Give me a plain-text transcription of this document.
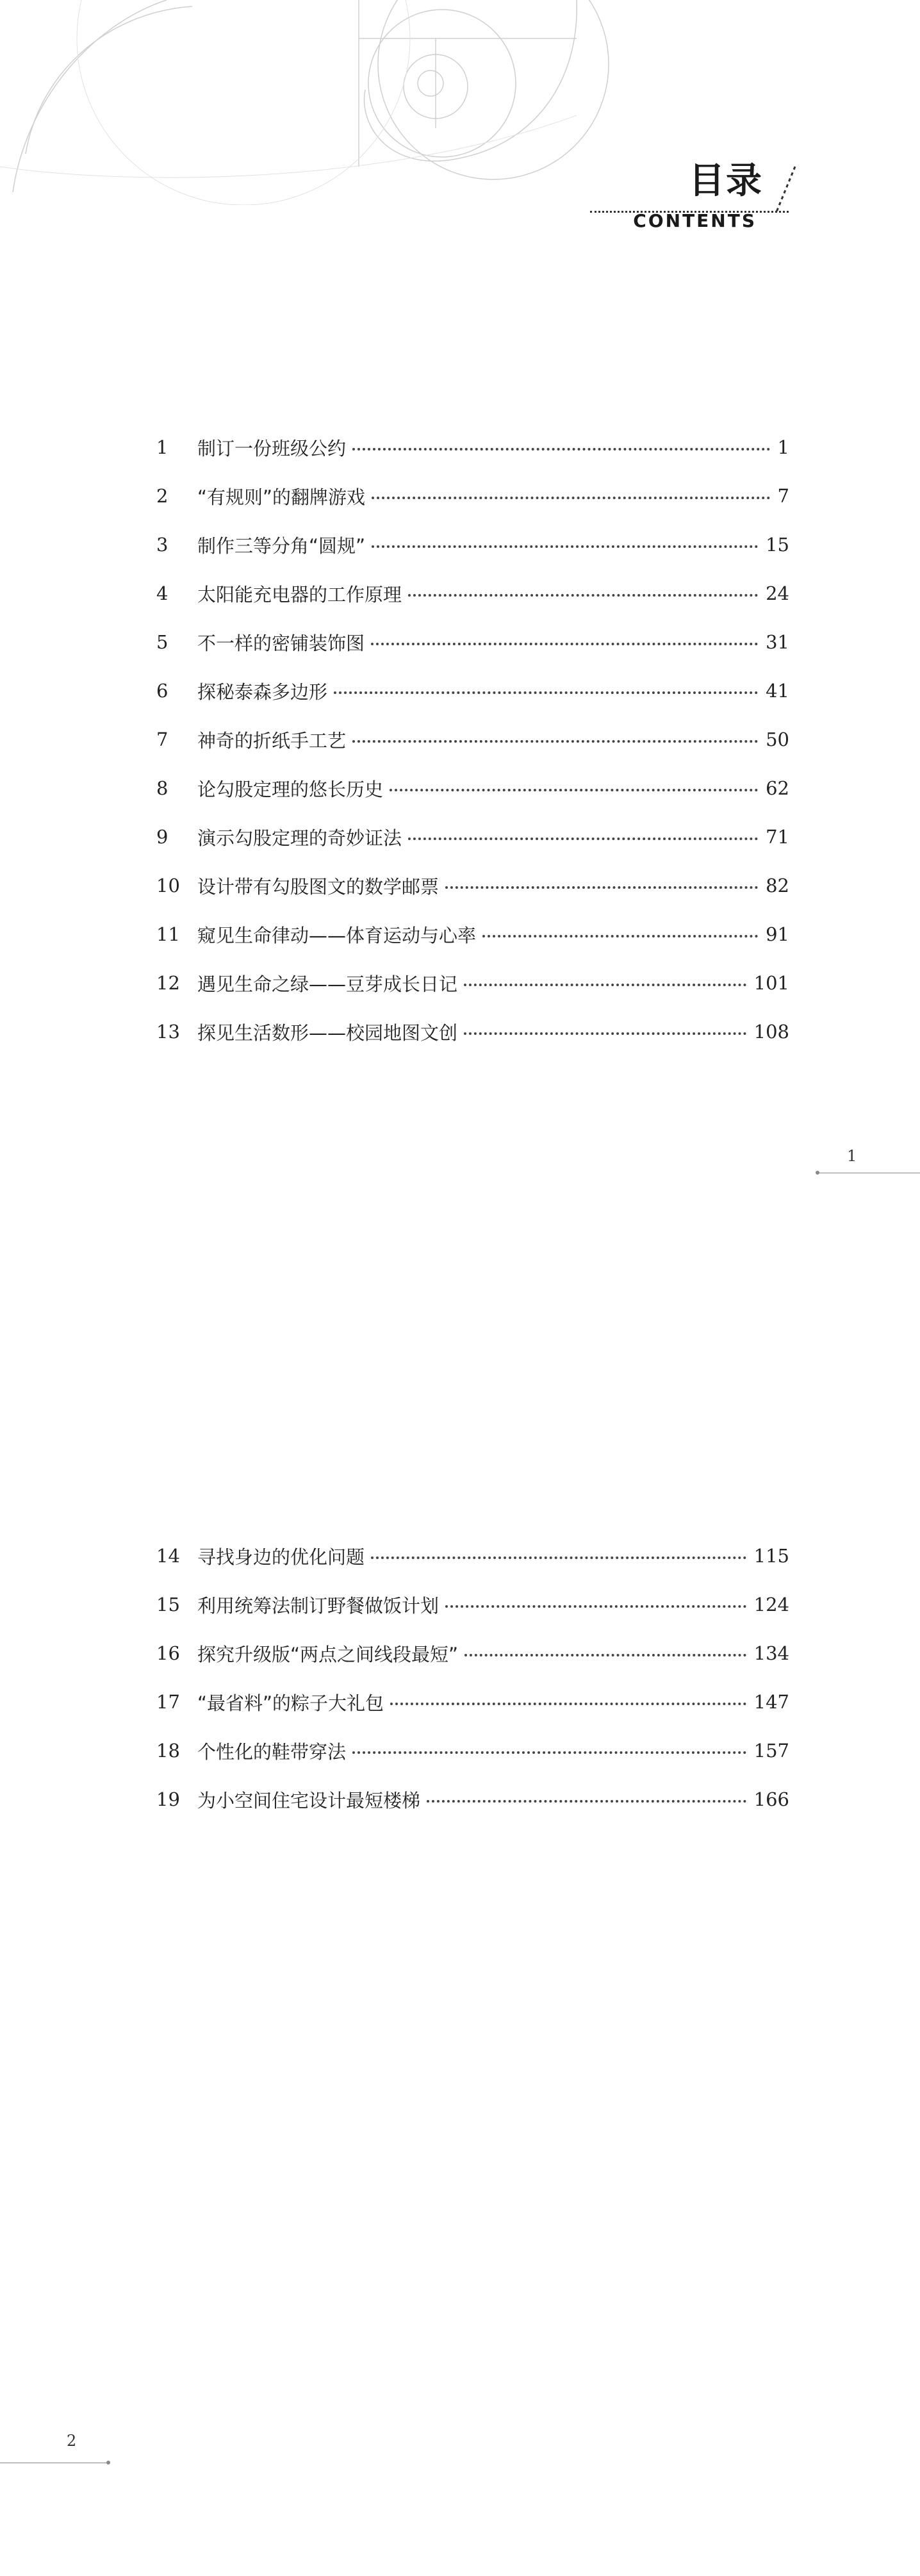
目录
CONTENTS
1	制订一份班级公约	1
2	“有规则”的翻牌游戏	7
3	制作三等分角“圆规”	15
4	太阳能充电器的工作原理	24
5	不一样的密铺装饰图	31
6	探秘泰森多边形	41
7	神奇的折纸手工艺	50
8	论勾股定理的悠长历史	62
9	演示勾股定理的奇妙证法	71
10 设计带有勾股图文的数学邮票	82
11 窥见生命律动——体育运动与心率	91
12 遇见生命之绿——豆芽成长日记	101
13 探见生活数形——校园地图文创	108
1
14 寻找身边的优化问题	115
15 利用统筹法制订野餐做饭计划	124
16 探究升级版“两点之间线段最短”	134
17 “最省料”的粽子大礼包	147
18 个性化的鞋带穿法	157
19 为小空间住宅设计最短楼梯	166
2
